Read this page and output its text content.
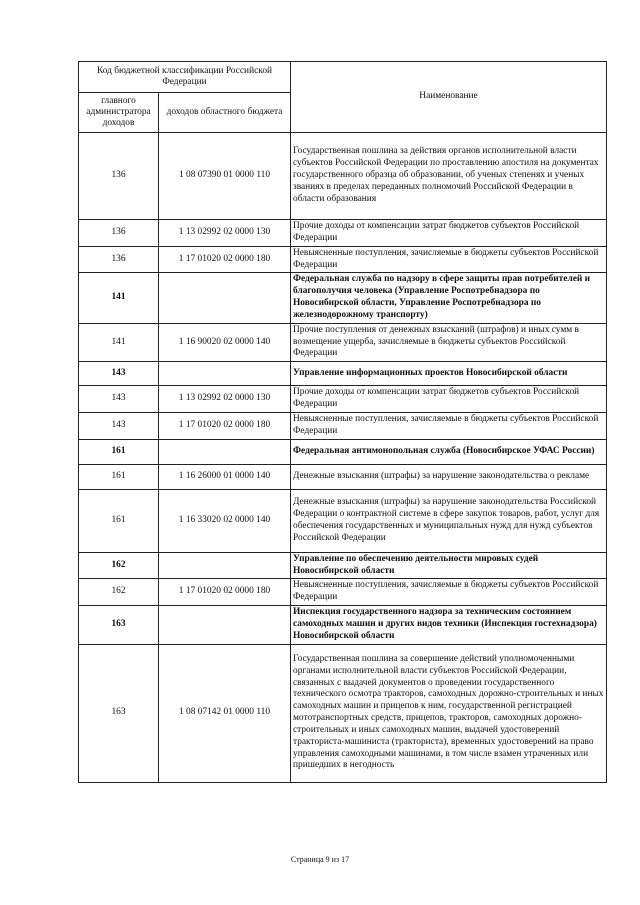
Код бюджетной классификации Российской Федерации		Наименование
главного администратора доходов	доходов областного бюджета	
136	1 08 07390 01 0000 110	Государственная пошлина за действия органов исполнительной власти субъектов Российской Федерации по проставлению апостиля на документах государственного образца об образовании, об ученых степенях и ученых званиях в пределах переданных полномочий Российской Федерации в области образования
136	1 13 02992 02 0000 130	Прочие доходы от компенсации затрат бюджетов субъектов Российской Федерации
136	1 17 01020 02 0000 180	Невыясненные поступления, зачисляемые в бюджеты субъектов Российской Федерации
141		Федеральная служба по надзору в сфере защиты прав потребителей и благополучия человека (Управление Роспотребнадзора по Новосибирской области, Управление Роспотребнадзора по железнодорожному транспорту)
141	1 16 90020 02 0000 140	Прочие поступления от денежных взысканий (штрафов) и иных сумм в возмещение ущерба, зачисляемые в бюджеты субъектов Российской Федерации
143		Управление информационных проектов Новосибирской области
143	1 13 02992 02 0000 130	Прочие доходы от компенсации затрат бюджетов субъектов Российской Федерации
143	1 17 01020 02 0000 180	Невыясненные поступления, зачисляемые в бюджеты субъектов Российской Федерации
161		Федеральная антимонопольная служба (Новосибирское УФАС России)
161	1 16 26000 01 0000 140	Денежные взыскания (штрафы) за нарушение законодательства о рекламе
161	1 16 33020 02 0000 140	Денежные взыскания (штрафы) за нарушение законодательства Российской Федерации о контрактной системе в сфере закупок товаров, работ, услуг для обеспечения государственных и муниципальных нужд для нужд субъектов Российской Федерации
162		Управление по обеспечению деятельности мировых судей Новосибирской области
162	1 17 01020 02 0000 180	Невыясненные поступления, зачисляемые в бюджеты субъектов Российской Федерации
163		Инспекция государственного надзора за техническим состоянием самоходных машин и других видов техники (Инспекция гостехнадзора) Новосибирской области
163	1 08 07142 01 0000 110	Государственная пошлина за совершение действий уполномоченными органами исполнительной власти субъектов Российской Федерации, связанных с выдачей документов о проведении государственного технического осмотра тракторов, самоходных дорожно-строительных и иных самоходных машин и прицепов к ним, государственной регистрацией мототранспортных средств, прицепов, тракторов, самоходных дорожно-строительных и иных самоходных машин, выдачей удостоверений тракториста-машиниста (тракториста), временных удостоверений на право управления самоходными машинами, в том числе взамен утраченных или пришедших в негодность
Страница 9 из 17
